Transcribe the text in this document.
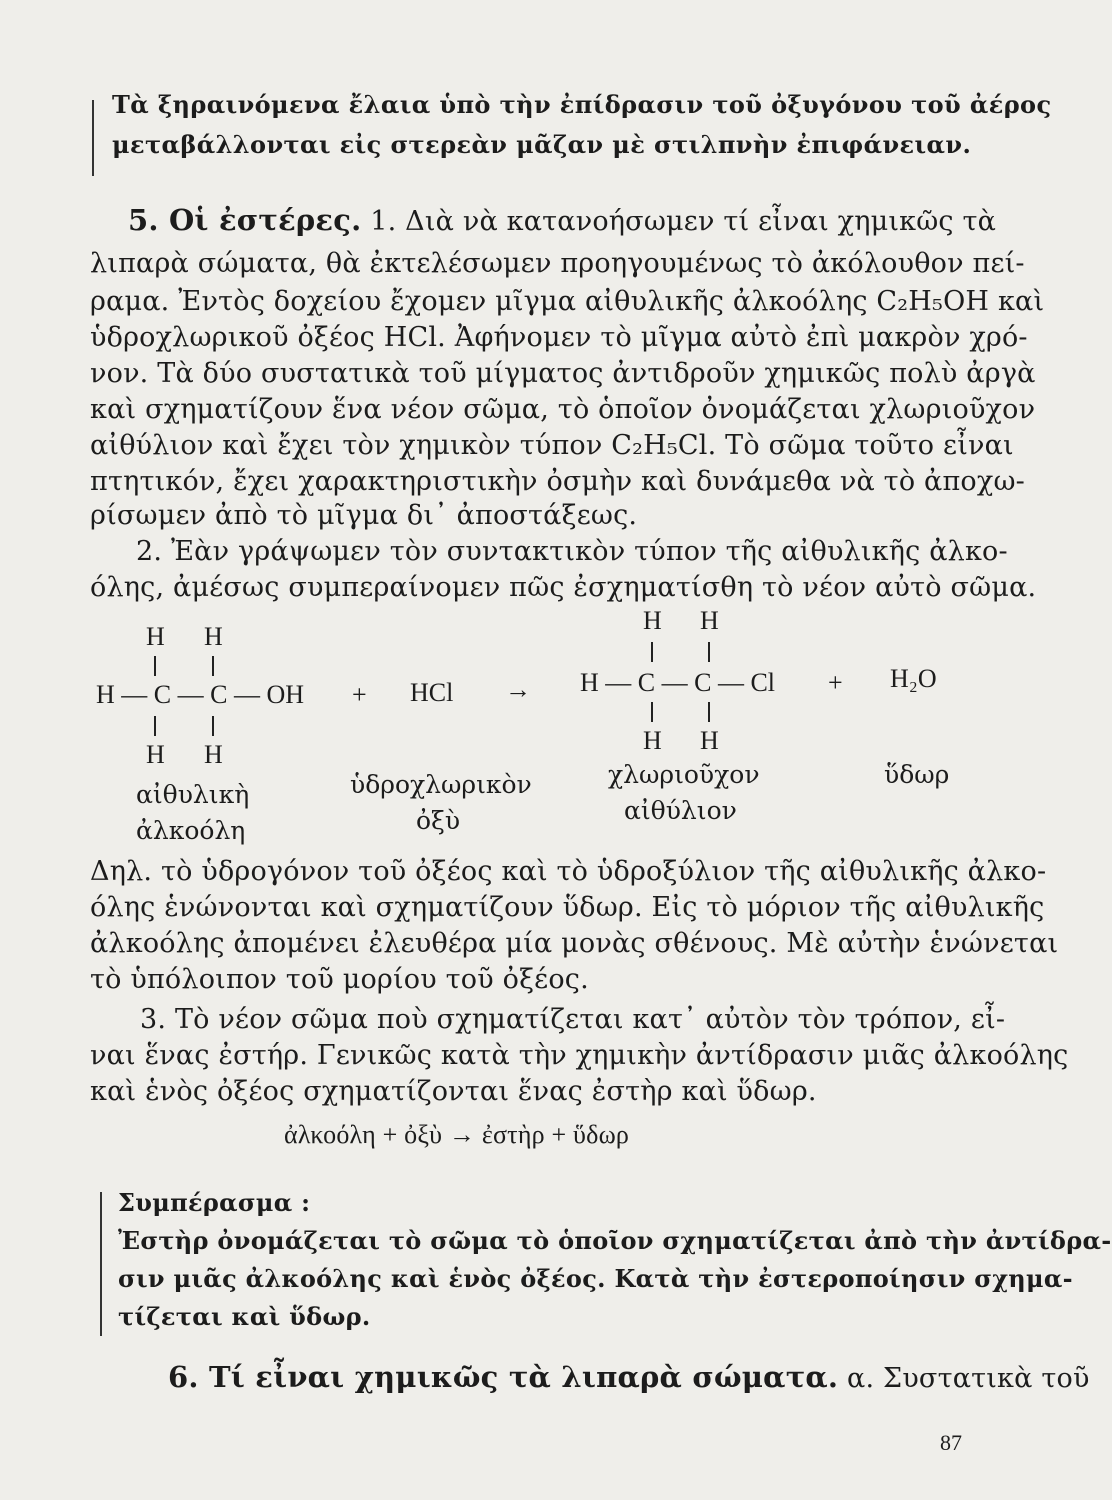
Τὰ ξηραινόμενα ἔλαια ὑπὸ τὴν ἐπίδρασιν τοῦ ὀξυγόνου τοῦ ἀέρος
μεταβάλλονται εἰς στερεὰν μᾶζαν μὲ στιλπνὴν ἐπιφάνειαν.
5. Οἱ ἐστέρες. 1. Διὰ νὰ κατανοήσωμεν τί εἶναι χημικῶς τὰ
λιπαρὰ σώματα, θὰ ἐκτελέσωμεν προηγουμένως τὸ ἀκόλουθον πεί-
ραμα. Ἐντὸς δοχείου ἔχομεν μῖγμα αἰθυλικῆς ἀλκοόλης C₂H₅OH καὶ
ὑδροχλωρικοῦ ὀξέος HCl. Ἀφήνομεν τὸ μῖγμα αὐτὸ ἐπὶ μακρὸν χρό-
νον. Τὰ δύο συστατικὰ τοῦ μίγματος ἀντιδροῦν χημικῶς πολὺ ἀργὰ
καὶ σχηματίζουν ἕνα νέον σῶμα, τὸ ὁποῖον ὀνομάζεται χλωριοῦχον
αἰθύλιον καὶ ἔχει τὸν χημικὸν τύπον C₂H₅Cl. Τὸ σῶμα τοῦτο εἶναι
πτητικόν, ἔχει χαρακτηριστικὴν ὀσμὴν καὶ δυνάμεθα νὰ τὸ ἀποχω-
ρίσωμεν ἀπὸ τὸ μῖγμα δι᾽ ἀποστάξεως.
2. Ἐὰν γράψωμεν τὸν συντακτικὸν τύπον τῆς αἰθυλικῆς ἀλκο-
όλης, ἀμέσως συμπεραίνομεν πῶς ἐσχηματίσθη τὸ νέον αὐτὸ σῶμα.
H H
H — C — C — OH
H H
+ HCl →
H H
H — C — C — Cl
H H
+ H₂O
αἰθυλικὴ
ἀλκοόλη
ὑδροχλωρικὸν
ὀξὺ
χλωριοῦχον
αἰθύλιον
ὕδωρ
Δηλ. τὸ ὑδρογόνον τοῦ ὀξέος καὶ τὸ ὑδροξύλιον τῆς αἰθυλικῆς ἀλκο-
όλης ἑνώνονται καὶ σχηματίζουν ὕδωρ. Εἰς τὸ μόριον τῆς αἰθυλικῆς
ἀλκοόλης ἀπομένει ἐλευθέρα μία μονὰς σθένους. Μὲ αὐτὴν ἑνώνεται
τὸ ὑπόλοιπον τοῦ μορίου τοῦ ὀξέος.
3. Τὸ νέον σῶμα ποὺ σχηματίζεται κατ᾽ αὐτὸν τὸν τρόπον, εἶ-
ναι ἕνας ἐστήρ. Γενικῶς κατὰ τὴν χημικὴν ἀντίδρασιν μιᾶς ἀλκοόλης
καὶ ἑνὸς ὀξέος σχηματίζονται ἕνας ἐστὴρ καὶ ὕδωρ.
ἀλκοόλη + ὀξὺ → ἐστὴρ + ὕδωρ
Συμπέρασμα :
Ἐστὴρ ὀνομάζεται τὸ σῶμα τὸ ὁποῖον σχηματίζεται ἀπὸ τὴν ἀντίδρα-
σιν μιᾶς ἀλκοόλης καὶ ἑνὸς ὀξέος. Κατὰ τὴν ἐστεροποίησιν σχημα-
τίζεται καὶ ὕδωρ.
6. Τί εἶναι χημικῶς τὰ λιπαρὰ σώματα. α. Συστατικὰ τοῦ
87
